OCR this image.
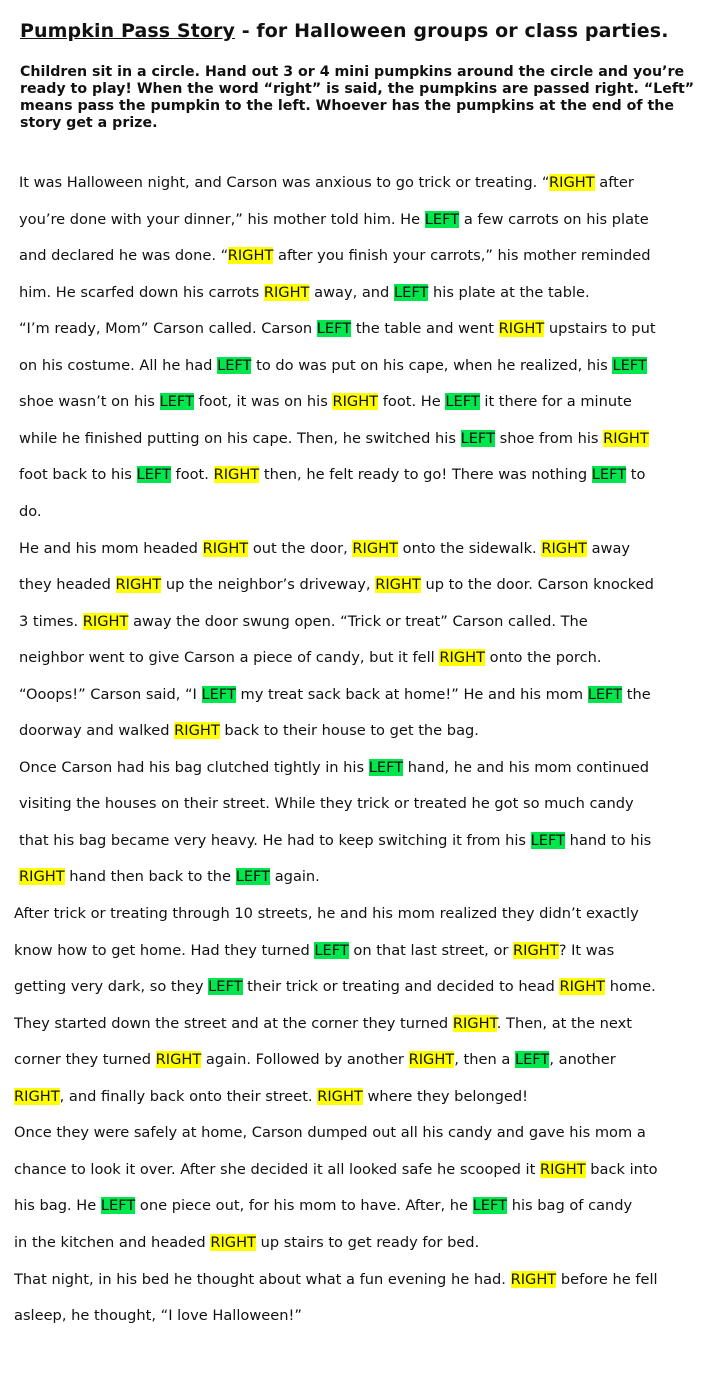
Pumpkin Pass Story - for Halloween groups or class parties.
Children sit in a circle. Hand out 3 or 4 mini pumpkins around the circle and you’re ready to play! When the word “right” is said, the pumpkins are passed right. “Left” means pass the pumpkin to the left. Whoever has the pumpkins at the end of the story get a prize.
It was Halloween night, and Carson was anxious to go trick or treating. “RIGHT after
you’re done with your dinner,” his mother told him. He LEFT a few carrots on his plate
and declared he was done. “RIGHT after you finish your carrots,” his mother reminded
him. He scarfed down his carrots RIGHT away, and LEFT his plate at the table.
“I’m ready, Mom” Carson called. Carson LEFT the table and went RIGHT upstairs to put
on his costume. All he had LEFT to do was put on his cape, when he realized, his LEFT
shoe wasn’t on his LEFT foot, it was on his RIGHT foot. He LEFT it there for a minute
while he finished putting on his cape. Then, he switched his LEFT shoe from his RIGHT
foot back to his LEFT foot. RIGHT then, he felt ready to go! There was nothing LEFT to
do.
He and his mom headed RIGHT out the door, RIGHT onto the sidewalk. RIGHT away
they headed RIGHT up the neighbor’s driveway, RIGHT up to the door. Carson knocked
3 times. RIGHT away the door swung open. “Trick or treat” Carson called. The
neighbor went to give Carson a piece of candy, but it fell RIGHT onto the porch.
“Ooops!” Carson said, “I LEFT my treat sack back at home!” He and his mom LEFT the
doorway and walked RIGHT back to their house to get the bag.
Once Carson had his bag clutched tightly in his LEFT hand, he and his mom continued
visiting the houses on their street. While they trick or treated he got so much candy
that his bag became very heavy. He had to keep switching it from his LEFT hand to his
RIGHT hand then back to the LEFT again.
After trick or treating through 10 streets, he and his mom realized they didn’t exactly
know how to get home. Had they turned LEFT on that last street, or RIGHT? It was
getting very dark, so they LEFT their trick or treating and decided to head RIGHT home.
They started down the street and at the corner they turned RIGHT. Then, at the next
corner they turned RIGHT again. Followed by another RIGHT, then a LEFT, another
RIGHT, and finally back onto their street. RIGHT where they belonged!
Once they were safely at home, Carson dumped out all his candy and gave his mom a
chance to look it over. After she decided it all looked safe he scooped it RIGHT back into
his bag. He LEFT one piece out, for his mom to have. After, he LEFT his bag of candy
in the kitchen and headed RIGHT up stairs to get ready for bed.
That night, in his bed he thought about what a fun evening he had. RIGHT before he fell
asleep, he thought, “I love Halloween!”
